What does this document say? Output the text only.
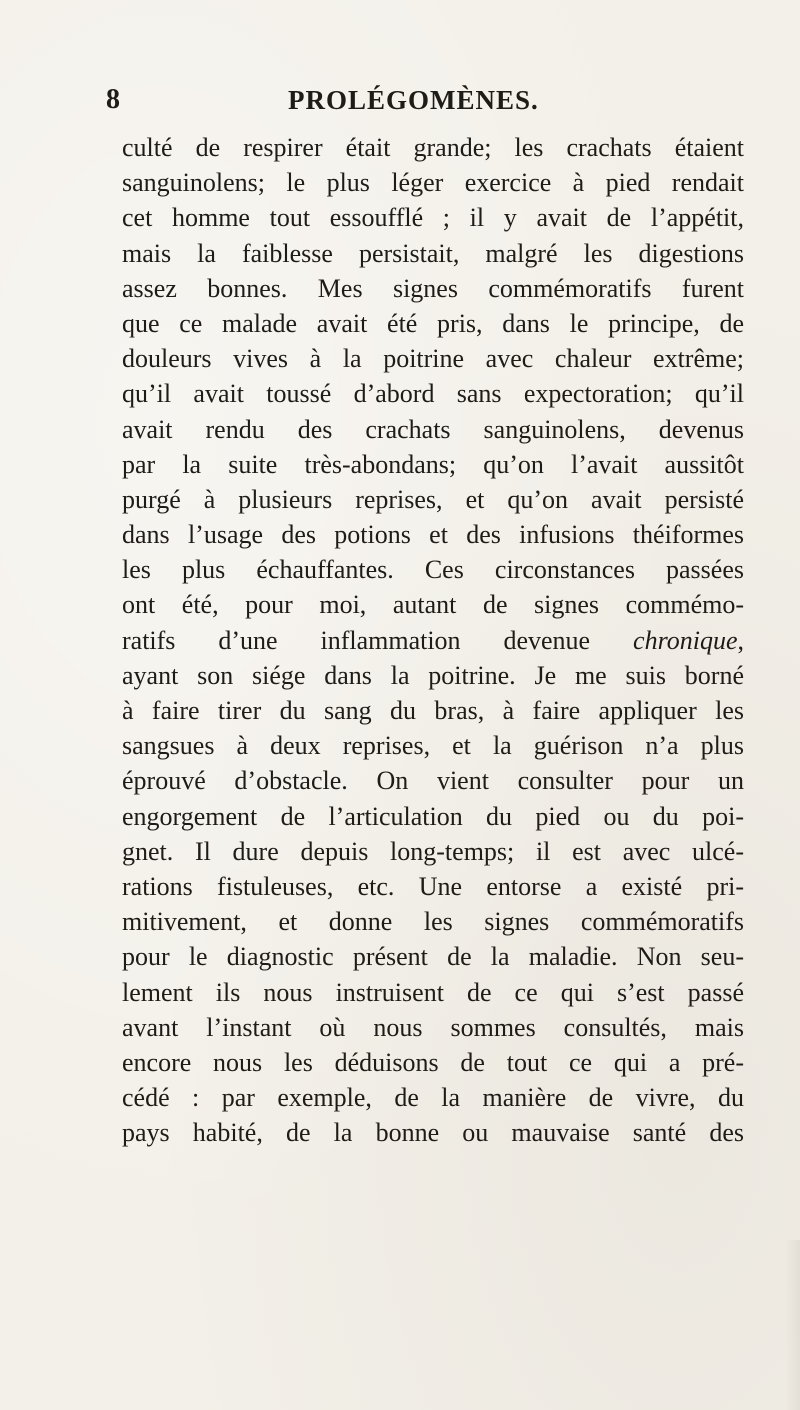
8	PROLÉGOMÈNES.
culté de respirer était grande; les crachats étaient
sanguinolens; le plus léger exercice à pied rendait
cet homme tout essoufflé ; il y avait de l’appétit,
mais la faiblesse persistait, malgré les digestions
assez bonnes. Mes signes commémoratifs furent
que ce malade avait été pris, dans le principe, de
douleurs vives à la poitrine avec chaleur extrême;
qu’il avait toussé d’abord sans expectoration; qu’il
avait rendu des crachats sanguinolens, devenus
par la suite très-abondans; qu’on l’avait aussitôt
purgé à plusieurs reprises, et qu’on avait persisté
dans l’usage des potions et des infusions théiformes
les plus échauffantes. Ces circonstances passées
ont été, pour moi, autant de signes commémo-
ratifs d’une inflammation devenue chronique,
ayant son siége dans la poitrine. Je me suis borné
à faire tirer du sang du bras, à faire appliquer les
sangsues à deux reprises, et la guérison n’a plus
éprouvé d’obstacle. On vient consulter pour un
engorgement de l’articulation du pied ou du poi-
gnet. Il dure depuis long-temps; il est avec ulcé-
rations fistuleuses, etc. Une entorse a existé pri-
mitivement, et donne les signes commémoratifs
pour le diagnostic présent de la maladie. Non seu-
lement ils nous instruisent de ce qui s’est passé
avant l’instant où nous sommes consultés, mais
encore nous les déduisons de tout ce qui a pré-
cédé : par exemple, de la manière de vivre, du
pays habité, de la bonne ou mauvaise santé des
